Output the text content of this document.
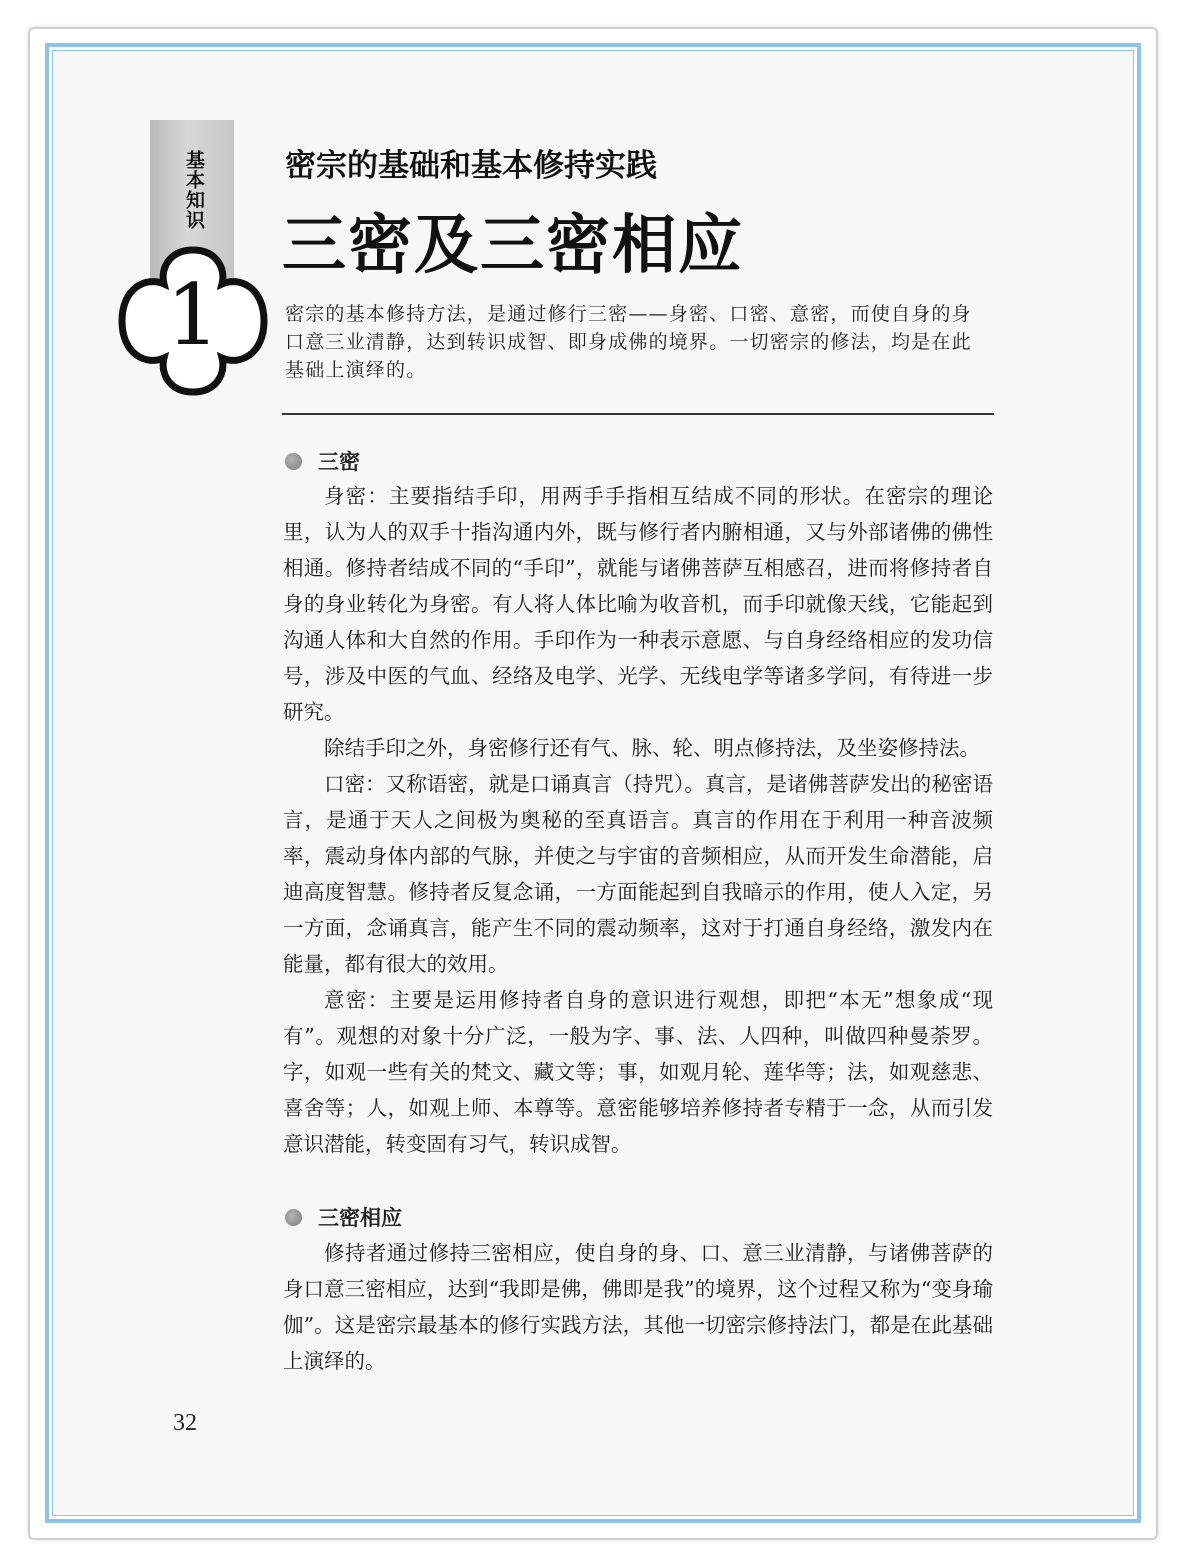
基本知识
1
密宗的基础和基本修持实践
三密及三密相应
密宗的基本修持方法，是通过修行三密——身密、口密、意密，而使自身的身口意三业清静，达到转识成智、即身成佛的境界。一切密宗的修法，均是在此基础上演绎的。
三密

身密：主要指结手印，用两手手指相互结成不同的形状。在密宗的理论里，认为人的双手十指沟通内外，既与修行者内腑相通，又与外部诸佛的佛性相通。修持者结成不同的“手印”，就能与诸佛菩萨互相感召，进而将修持者自身的身业转化为身密。有人将人体比喻为收音机，而手印就像天线，它能起到沟通人体和大自然的作用。手印作为一种表示意愿、与自身经络相应的发功信号，涉及中医的气血、经络及电学、光学、无线电学等诸多学问，有待进一步研究。

除结手印之外，身密修行还有气、脉、轮、明点修持法，及坐姿修持法。

口密：又称语密，就是口诵真言（持咒）。真言，是诸佛菩萨发出的秘密语言，是通于天人之间极为奥秘的至真语言。真言的作用在于利用一种音波频率，震动身体内部的气脉，并使之与宇宙的音频相应，从而开发生命潜能，启迪高度智慧。修持者反复念诵，一方面能起到自我暗示的作用，使人入定，另一方面，念诵真言，能产生不同的震动频率，这对于打通自身经络，激发内在能量，都有很大的效用。

意密：主要是运用修持者自身的意识进行观想，即把“本无”想象成“现有”。观想的对象十分广泛，一般为字、事、法、人四种，叫做四种曼荼罗。字，如观一些有关的梵文、藏文等；事，如观月轮、莲华等；法，如观慈悲、喜舍等；人，如观上师、本尊等。意密能够培养修持者专精于一念，从而引发意识潜能，转变固有习气，转识成智。

三密相应

修持者通过修持三密相应，使自身的身、口、意三业清静，与诸佛菩萨的身口意三密相应，达到“我即是佛，佛即是我”的境界，这个过程又称为“变身瑜伽”。这是密宗最基本的修行实践方法，其他一切密宗修持法门，都是在此基础上演绎的。

32
